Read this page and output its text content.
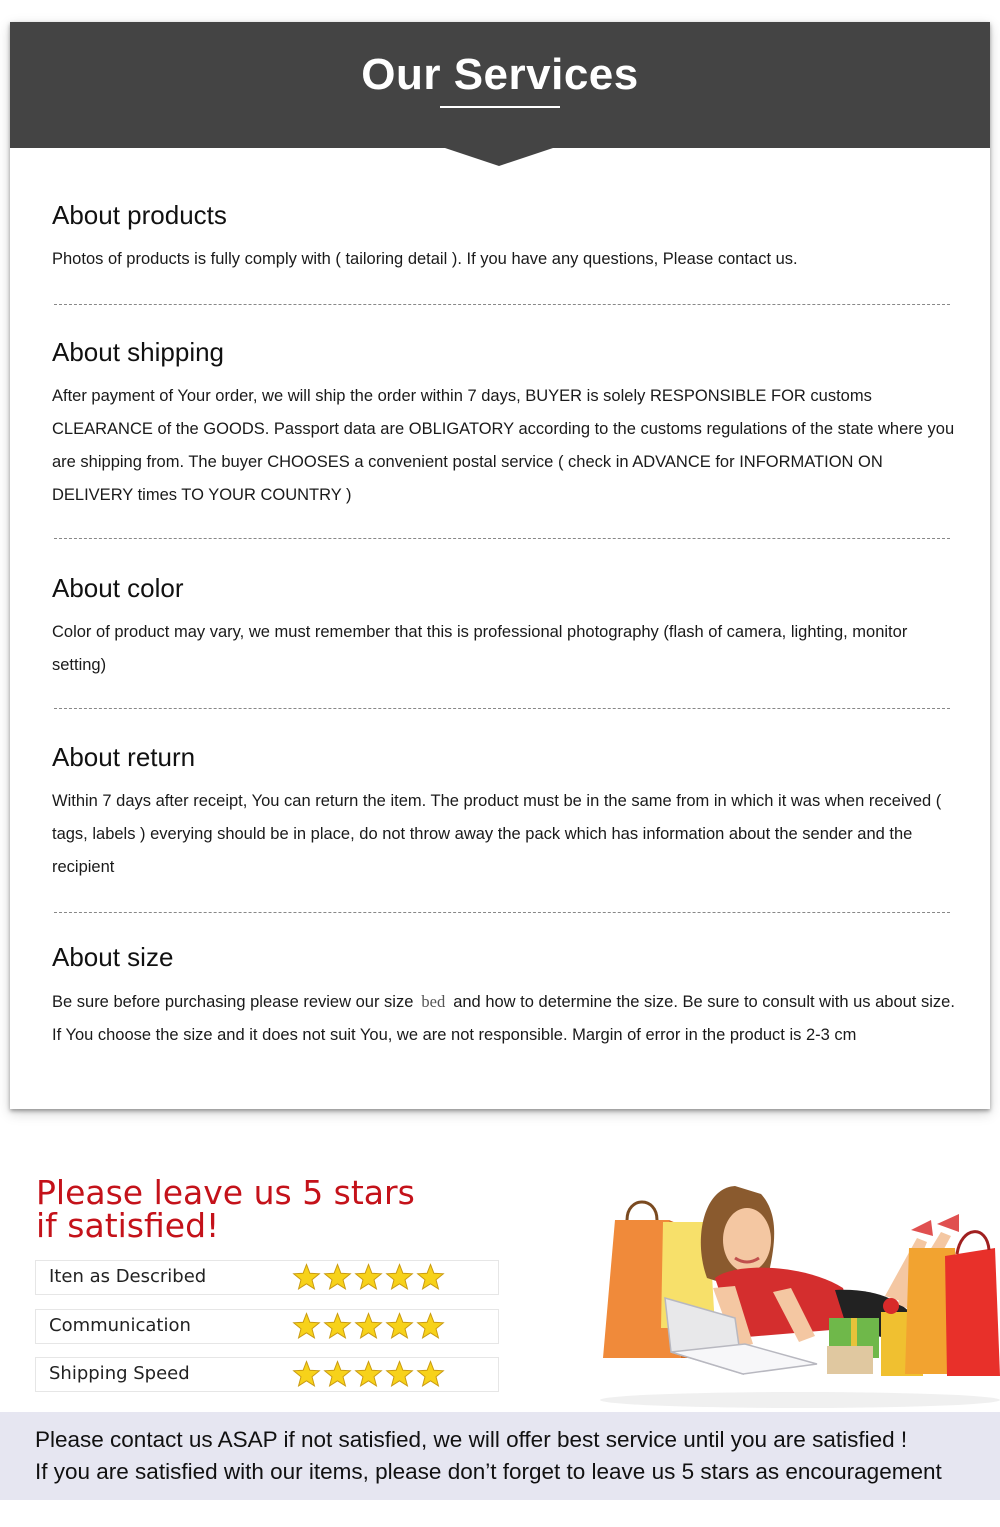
Our Services
About products

Photos of products is fully comply with ( tailoring detail ). If you have any questions, Please contact us.

About shipping

After payment of Your order, we will ship the order within 7 days, BUYER is solely RESPONSIBLE FOR customs CLEARANCE of the GOODS. Passport data are OBLIGATORY according to the customs regulations of the state where you are shipping from. The buyer CHOOSES a convenient postal service ( check in ADVANCE for INFORMATION ON DELIVERY times TO YOUR COUNTRY )

About color

Color of product may vary, we must remember that this is professional photography (flash of camera, lighting, monitor setting)

About return

Within 7 days after receipt, You can return the item. The product must be in the same from in which it was when received ( tags, labels ) everying should be in place, do not throw away the pack which has information about the sender and the recipient

About size

Be sure before purchasing please review our size bed and how to determine the size. Be sure to consult with us about size. If You choose the size and it does not suit You, we are not responsible. Margin of error in the product is 2-3 cm

Please leave us 5 stars
if satisfied!
Iten as Described
Communication
Shipping Speed
Please contact us ASAP if not satisfied, we will offer best service until you are satisfied !
If you are satisfied with our items, please don’t forget to leave us 5 stars as encouragement
